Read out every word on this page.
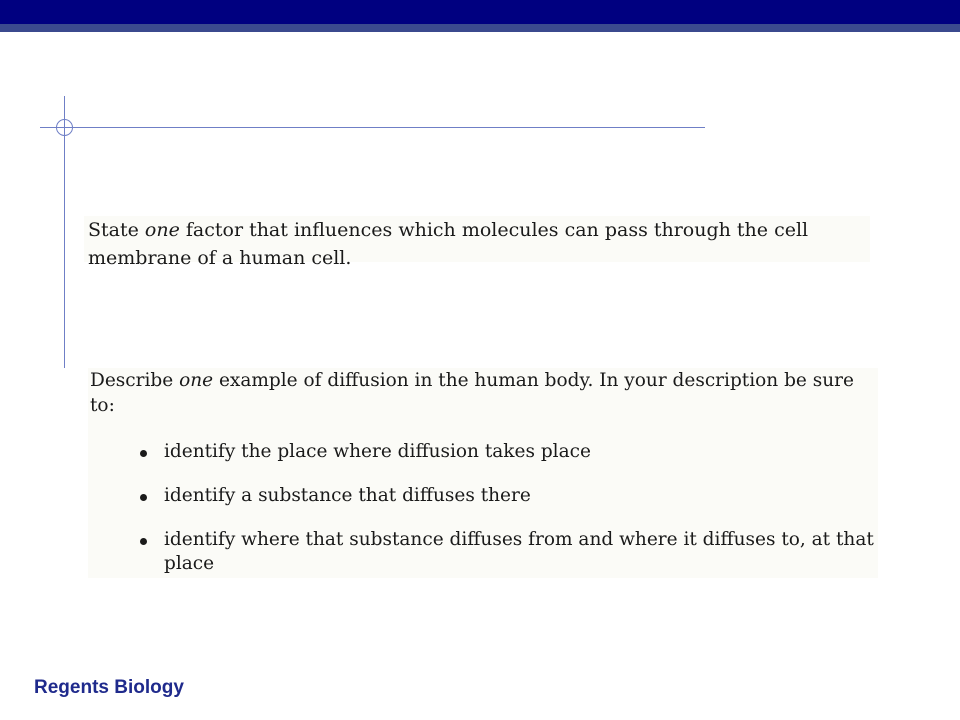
State one factor that influences which molecules can pass through the cell membrane of a human cell.
Describe one example of diffusion in the human body. In your description be sure to:
identify the place where diffusion takes place
identify a substance that diffuses there
identify where that substance diffuses from and where it diffuses to, at that place
Regents Biology
